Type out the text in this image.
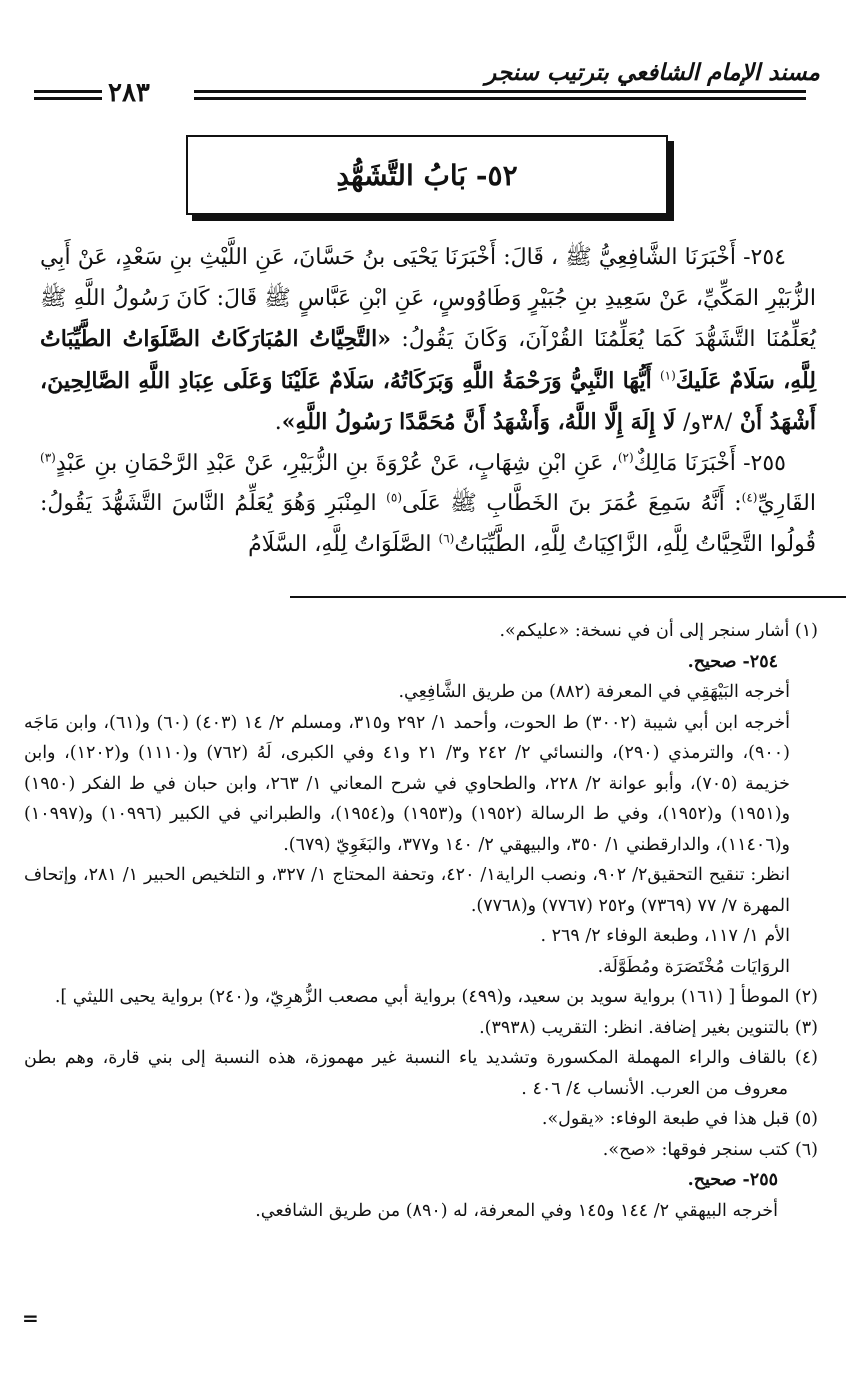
مسند الإمام الشافعي بترتيب سنجر
٢٨٣
٥٢- بَابُ التَّشَهُّدِ

٢٥٤- أَخْبَرَنَا الشَّافِعِيُّ ﷺ ، قَالَ: أَخْبَرَنَا يَحْيَى بنُ حَسَّانَ، عَنِ اللَّيْثِ بنِ سَعْدٍ، عَنْ أَبِي الزُّبَيْرِ المَكِّيِّ، عَنْ سَعِيدِ بنِ جُبَيْرٍ وَطَاوُوسٍ، عَنِ ابْنِ عَبَّاسٍ ﷺ قَالَ: كَانَ رَسُولُ اللَّهِ ﷺ يُعَلِّمُنَا التَّشَهُّدَ كَمَا يُعَلِّمُنَا القُرْآنَ، وَكَانَ يَقُولُ: «التَّحِيَّاتُ المُبَارَكَاتُ الصَّلَوَاتُ الطَّيِّبَاتُ لِلَّهِ، سَلَامٌ عَلَيكَ$^{(١)}$ أَيُّهَا النَّبِيُّ وَرَحْمَةُ اللَّهِ وَبَرَكَاتُهُ، سَلَامٌ عَلَيْنَا وَعَلَى عِبَادِ اللَّهِ الصَّالِحِينَ، أَشْهَدُ أَنْ /٣٨و/ لَا إِلَهَ إِلَّا اللَّهُ، وَأَشْهَدُ أَنَّ مُحَمَّدًا رَسُولُ اللَّهِ».

٢٥٥- أَخْبَرَنَا مَالِكٌ$^{(٢)}$، عَنِ ابْنِ شِهَابٍ، عَنْ عُرْوَةَ بنِ الزُّبَيْرِ، عَنْ عَبْدِ الرَّحْمَانِ بنِ عَبْدٍ$^{(٣)}$ القَارِيِّ$^{(٤)}$: أَنَّهُ سَمِعَ عُمَرَ بنَ الخَطَّابِ ﷺ عَلَى$^{(٥)}$ المِنْبَرِ وَهُوَ يُعَلِّمُ النَّاسَ التَّشَهُّدَ يَقُولُ: قُولُوا التَّحِيَّاتُ لِلَّهِ، الزَّاكِيَاتُ لِلَّهِ، الطَّيِّبَاتُ$^{(٦)}$ الصَّلَوَاتُ لِلَّهِ، السَّلَامُ

(١) أشار سنجر إلى أن في نسخة: «عليكم».

٢٥٤- صحيح.

أخرجه البَيْهَقِي في المعرفة (٨٨٢) من طريق الشَّافِعِي.

أخرجه ابن أبي شيبة (٣٠٠٢) ط الحوت، وأحمد ١/ ٢٩٢ و٣١٥، ومسلم ٢/ ١٤ (٤٠٣) (٦٠) و(٦١)، وابن مَاجَه (٩٠٠)، والترمذي (٢٩٠)، والنسائي ٢/ ٢٤٢ و٣/ ٢١ و٤١ وفي الكبرى، لَهُ (٧٦٢) و(١١١٠) و(١٢٠٢)، وابن خزيمة (٧٠٥)، وأبو عوانة ٢/ ٢٢٨، والطحاوي في شرح المعاني ١/ ٢٦٣، وابن حبان في ط الفكر (١٩٥٠) و(١٩٥١) و(١٩٥٢)، وفي ط الرسالة (١٩٥٢) و(١٩٥٣) و(١٩٥٤)، والطبراني في الكبير (١٠٩٩٦) و(١٠٩٩٧) و(١١٤٠٦)، والدارقطني ١/ ٣٥٠، والبيهقي ٢/ ١٤٠ و٣٧٧، والبَغَوِيّ (٦٧٩).

انظر: تنقيح التحقيق٢/ ٩٠٢، ونصب الراية١/ ٤٢٠، وتحفة المحتاج ١/ ٣٢٧، و التلخيص الحبير ١/ ٢٨١، وإتحاف المهرة ٧/ ٧٧ (٧٣٦٩) و٢٥٢ (٧٧٦٧) و(٧٧٦٨).

الأم ١/ ١١٧، وطبعة الوفاء ٢/ ٢٦٩ .

الروَايَات مُخْتَصَرَة ومُطَوَّلَة.

(٢) الموطأ [ (١٦١) برواية سويد بن سعيد، و(٤٩٩) برواية أبي مصعب الزُّهرِيّ، و(٢٤٠) برواية يحيى الليثي ].

(٣) بالتنوين بغير إضافة. انظر: التقريب (٣٩٣٨).

(٤) بالقاف والراء المهملة المكسورة وتشديد ياء النسبة غير مهموزة، هذه النسبة إلى بني قارة، وهم بطن معروف من العرب. الأنساب ٤/ ٤٠٦ .

(٥) قبل هذا في طبعة الوفاء: «يقول».

(٦) كتب سنجر فوقها: «صح».

٢٥٥- صحيح.

أخرجه البيهقي ٢/ ١٤٤ و١٤٥ وفي المعرفة، له (٨٩٠) من طريق الشافعي.

=
